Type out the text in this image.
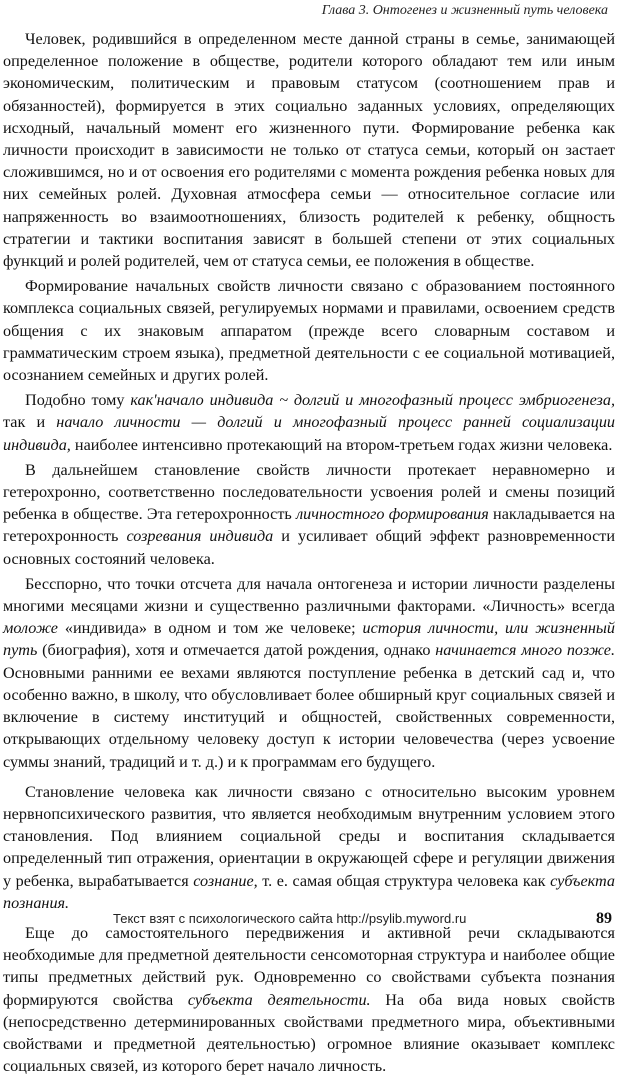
Глава 3. Онтогенез и жизненный путь человека

Человек, родившийся в определенном месте данной страны в семье, занимающей определенное положение в обществе, родители которого обладают тем или иным экономическим, политическим и правовым статусом (соотношением прав и обязанностей), формируется в этих социально заданных условиях, определяющих исходный, начальный момент его жизненного пути. Формирование ребенка как личности происходит в зависимости не только от статуса семьи, который он застает сложившимся, но и от освоения его родителями с момента рождения ребенка новых для них семейных ролей. Духовная атмосфера семьи — относительное согласие или напряженность во взаимоотношениях, близость родителей к ребенку, общность стратегии и тактики воспитания зависят в большей степени от этих социальных функций и ролей родителей, чем от статуса семьи, ее положения в обществе.

Формирование начальных свойств личности связано с образованием постоянного комплекса социальных связей, регулируемых нормами и правилами, освоением средств общения с их знаковым аппаратом (прежде всего словарным составом и грамматическим строем языка), предметной деятельности с ее социальной мотивацией, осознанием семейных и других ролей.

Подобно тому как'начало индивида ~ долгий и многофазный процесс эмбриогенеза, так и начало личности — долгий и многофазный процесс ранней социализации индивида, наиболее интенсивно протекающий на втором-третьем годах жизни человека.

В дальнейшем становление свойств личности протекает неравномерно и гетерохронно, соответственно последовательности усвоения ролей и смены позиций ребенка в обществе. Эта гетерохронность личностного формирования накладывается на гетерохронность созревания индивида и усиливает общий эффект разновременности основных состояний человека.

Бесспорно, что точки отсчета для начала онтогенеза и истории личности разделены многими месяцами жизни и существенно различными факторами. «Личность» всегда моложе «индивида» в одном и том же человеке; история личности, или жизненный путь (биография), хотя и отмечается датой рождения, однако начинается много позже. Основными ранними ее вехами являются поступление ребенка в детский сад и, что особенно важно, в школу, что обусловливает более обширный круг социальных связей и включение в систему институций и общностей, свойственных современности, открывающих отдельному человеку доступ к истории человечества (через усвоение суммы знаний, традиций и т. д.) и к программам его будущего.

Становление человека как личности связано с относительно высоким уровнем нервнопсихического развития, что является необходимым внутренним условием этого становления. Под влиянием социальной среды и воспитания складывается определенный тип отражения, ориентации в окружающей сфере и регуляции движения у ребенка, вырабатывается сознание, т. е. самая общая структура человека как субъекта познания.

Еще до самостоятельного передвижения и активной речи складываются необходимые для предметной деятельности сенсомоторная структура и наиболее общие типы предметных действий рук. Одновременно со свойствами субъекта познания формируются свойства субъекта деятельности. На оба вида новых свойств (непосредственно детерминированных свойствами предметного мира, объективными свойствами и предметной деятельностью) огромное влияние оказывает комплекс социальных связей, из которого берет начало личность.

Текст взят с психологического сайта http://psylib.myword.ru	89
